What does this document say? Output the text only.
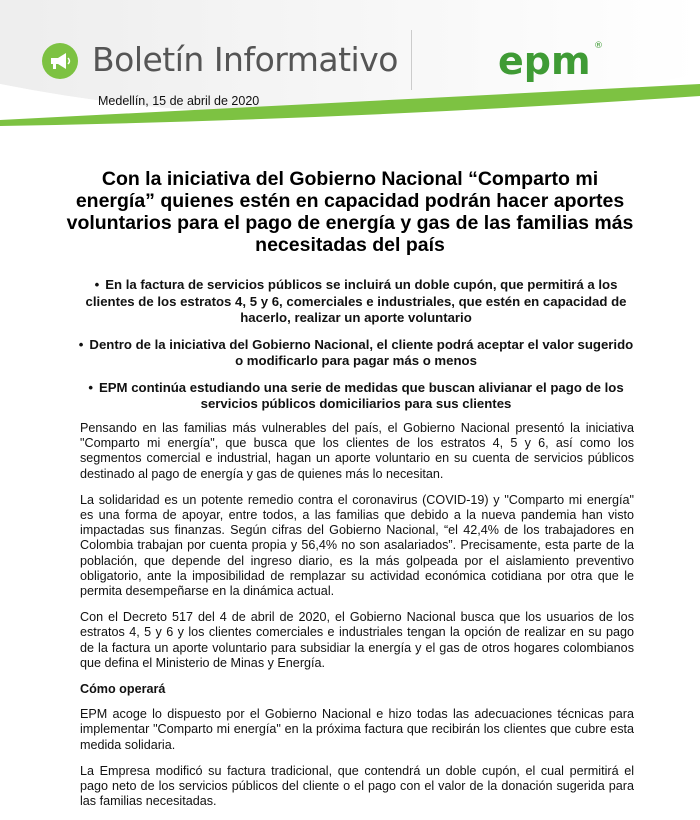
Boletín Informativo	epm ®
Medellín, 15 de abril de 2020
Con la iniciativa del Gobierno Nacional “Comparto mi energía” quienes estén en capacidad podrán hacer aportes voluntarios para el pago de energía y gas de las familias más necesitadas del país
• En la factura de servicios públicos se incluirá un doble cupón, que permitirá a los clientes de los estratos 4, 5 y 6, comerciales e industriales, que estén en capacidad de hacerlo, realizar un aporte voluntario
• Dentro de la iniciativa del Gobierno Nacional, el cliente podrá aceptar el valor sugerido o modificarlo para pagar más o menos
• EPM continúa estudiando una serie de medidas que buscan alivianar el pago de los servicios públicos domiciliarios para sus clientes

Pensando en las familias más vulnerables del país, el Gobierno Nacional presentó la iniciativa "Comparto mi energía", que busca que los clientes de los estratos 4, 5 y 6, así como los segmentos comercial e industrial, hagan un aporte voluntario en su cuenta de servicios públicos destinado al pago de energía y gas de quienes más lo necesitan.

La solidaridad es un potente remedio contra el coronavirus (COVID-19) y "Comparto mi energía" es una forma de apoyar, entre todos, a las familias que debido a la nueva pandemia han visto impactadas sus finanzas. Según cifras del Gobierno Nacional, “el 42,4% de los trabajadores en Colombia trabajan por cuenta propia y 56,4% no son asalariados”. Precisamente, esta parte de la población, que depende del ingreso diario, es la más golpeada por el aislamiento preventivo obligatorio, ante la imposibilidad de remplazar su actividad económica cotidiana por otra que le permita desempeñarse en la dinámica actual.

Con el Decreto 517 del 4 de abril de 2020, el Gobierno Nacional busca que los usuarios de los estratos 4, 5 y 6 y los clientes comerciales e industriales tengan la opción de realizar en su pago de la factura un aporte voluntario para subsidiar la energía y el gas de otros hogares colombianos que defina el Ministerio de Minas y Energía.

Cómo operará

EPM acoge lo dispuesto por el Gobierno Nacional e hizo todas las adecuaciones técnicas para implementar "Comparto mi energía" en la próxima factura que recibirán los clientes que cubre esta medida solidaria.

La Empresa modificó su factura tradicional, que contendrá un doble cupón, el cual permitirá el pago neto de los servicios públicos del cliente o el pago con el valor de la donación sugerida para las familias necesitadas.
